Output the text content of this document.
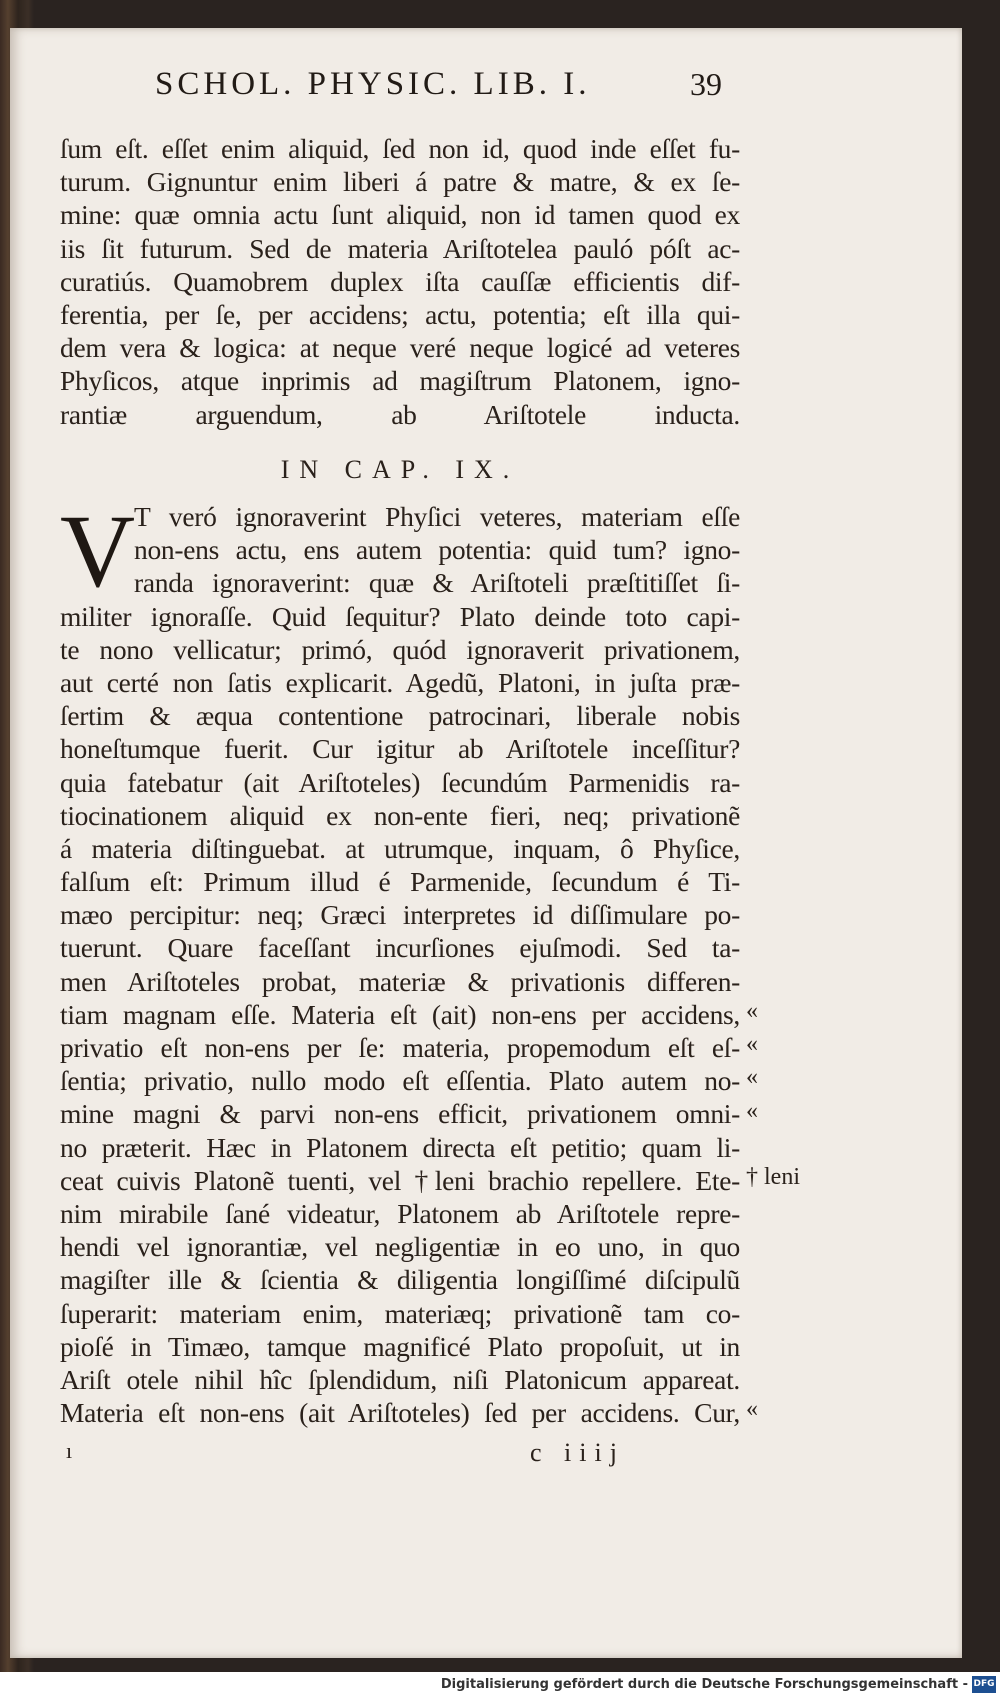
SCHOL. PHYSIC. LIB. I.	39
ſum eſt. eſſet enim aliquid, ſed non id, quod inde eſſet fu-
turum. Gignuntur enim liberi á patre & matre, & ex ſe-
mine: quæ omnia actu ſunt aliquid, non id tamen quod ex
iis ſit futurum. Sed de materia Ariſtotelea pauló póſt ac-
curatiús. Quamobrem duplex iſta cauſſæ efficientis dif-
ferentia, per ſe, per accidens; actu, potentia; eſt illa qui-
dem vera & logica: at neque veré neque logicé ad veteres
Phyſicos, atque inprimis ad magiſtrum Platonem, igno-
rantiæ arguendum, ab Ariſtotele inducta.
IN CAP. IX.
V
T veró ignoraverint Phyſici veteres, materiam eſſe
non-ens actu, ens autem potentia: quid tum? igno-
randa ignoraverint: quæ & Ariſtoteli præſtitiſſet ſi-
militer ignoraſſe. Quid ſequitur? Plato deinde toto capi-
te nono vellicatur; primó, quód ignoraverit privationem,
aut certé non ſatis explicarit. Agedũ, Platoni, in juſta præ-
ſertim & æqua contentione patrocinari, liberale nobis
honeſtumque fuerit. Cur igitur ab Ariſtotele inceſſitur?
quia fatebatur (ait Ariſtoteles) ſecundúm Parmenidis ra-
tiocinationem aliquid ex non-ente fieri, neq; privationẽ
á materia diſtinguebat. at utrumque, inquam, ô Phyſice,
falſum eſt: Primum illud é Parmenide, ſecundum é Ti-
mæo percipitur: neq; Græci interpretes id diſſimulare po-
tuerunt. Quare faceſſant incurſiones ejuſmodi. Sed ta-
men Ariſtoteles probat, materiæ & privationis differen-
tiam magnam eſſe. Materia eſt (ait) non-ens per accidens,
privatio eſt non-ens per ſe: materia, propemodum eſt eſ-
ſentia; privatio, nullo modo eſt eſſentia. Plato autem no-
mine magni & parvi non-ens efficit, privationem omni-
no præterit. Hæc in Platonem directa eſt petitio; quam li-
ceat cuivis Platonẽ tuenti, vel †leni brachio repellere. Ete-
nim mirabile ſané videatur, Platonem ab Ariſtotele repre-
hendi vel ignorantiæ, vel negligentiæ in eo uno, in quo
magiſter ille & ſcientia & diligentia longiſſimé diſcipulũ
ſuperarit: materiam enim, materiæq; privationẽ tam co-
pioſé in Timæo, tamque magnificé Plato propoſuit, ut in
Ariſt otele nihil hîc ſplendidum, niſi Platonicum appareat.
Materia eſt non-ens (ait Ariſtoteles) ſed per accidens. Cur,
«
«
«
«
† leni
«
ı	c iiij
Digitalisierung gefördert durch die Deutsche Forschungsgemeinschaft - DFG
